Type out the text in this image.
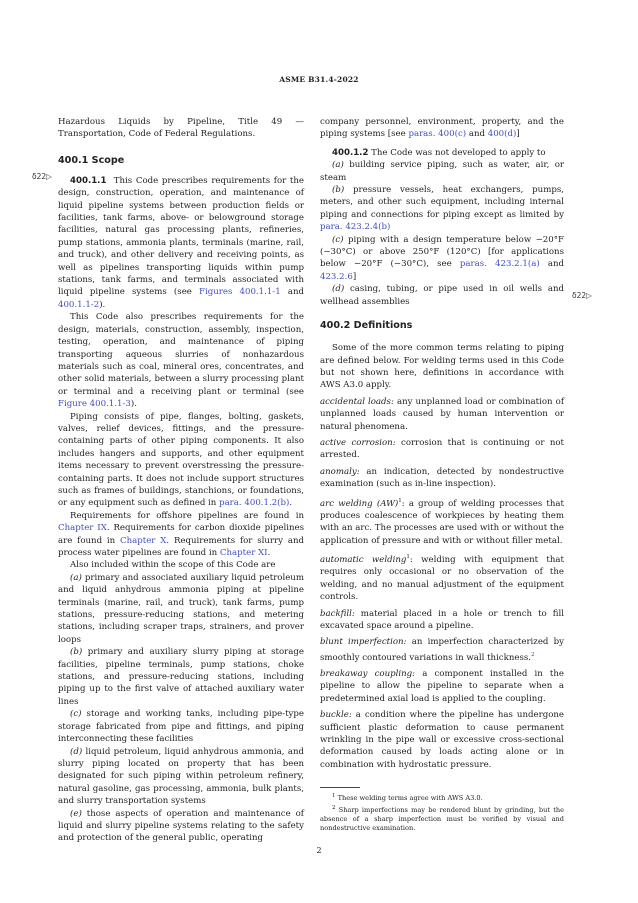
ASME B31.4-2022
δ22▷
δ22▷

Hazardous Liquids by Pipeline, Title 49 — Transportation, Code of Federal Regulations.

400.1 Scope

400.1.1 This Code prescribes requirements for the design, construction, operation, and maintenance of liquid pipeline systems between production fields or facilities, tank farms, above- or belowground storage facilities, natural gas processing plants, refineries, pump stations, ammonia plants, terminals (marine, rail, and truck), and other delivery and receiving points, as well as pipelines transporting liquids within pump stations, tank farms, and terminals associated with liquid pipeline systems (see Figures 400.1.1-1 and 400.1.1-2).

This Code also prescribes requirements for the design, materials, construction, assembly, inspection, testing, operation, and maintenance of piping transporting aqueous slurries of nonhazardous materials such as coal, mineral ores, concentrates, and other solid materials, between a slurry processing plant or terminal and a receiving plant or terminal (see Figure 400.1.1-3).

Piping consists of pipe, flanges, bolting, gaskets, valves, relief devices, fittings, and the pressure-containing parts of other piping components. It also includes hangers and supports, and other equipment items necessary to prevent overstressing the pressure-containing parts. It does not include support structures such as frames of buildings, stanchions, or foundations, or any equipment such as defined in para. 400.1.2(b).

Requirements for offshore pipelines are found in Chapter IX. Requirements for carbon dioxide pipelines are found in Chapter X. Requirements for slurry and process water pipelines are found in Chapter XI.

Also included within the scope of this Code are

(a) primary and associated auxiliary liquid petroleum and liquid anhydrous ammonia piping at pipeline terminals (marine, rail, and truck), tank farms, pump stations, pressure-reducing stations, and metering stations, including scraper traps, strainers, and prover loops

(b) primary and auxiliary slurry piping at storage facilities, pipeline terminals, pump stations, choke stations, and pressure-reducing stations, including piping up to the first valve of attached auxiliary water lines

(c) storage and working tanks, including pipe-type storage fabricated from pipe and fittings, and piping interconnecting these facilities

(d) liquid petroleum, liquid anhydrous ammonia, and slurry piping located on property that has been designated for such piping within petroleum refinery, natural gasoline, gas processing, ammonia, bulk plants, and slurry transportation systems

(e) those aspects of operation and maintenance of liquid and slurry pipeline systems relating to the safety and protection of the general public, operating

company personnel, environment, property, and the piping systems [see paras. 400(c) and 400(d)]

400.1.2 The Code was not developed to apply to

(a) building service piping, such as water, air, or steam

(b) pressure vessels, heat exchangers, pumps, meters, and other such equipment, including internal piping and connections for piping except as limited by para. 423.2.4(b)

(c) piping with a design temperature below −20°F (−30°C) or above 250°F (120°C) [for applications below −20°F (−30°C), see paras. 423.2.1(a) and 423.2.6]

(d) casing, tubing, or pipe used in oil wells and wellhead assemblies

400.2 Definitions

Some of the more common terms relating to piping are defined below. For welding terms used in this Code but not shown here, definitions in accordance with AWS A3.0 apply.

accidental loads: any unplanned load or combination of unplanned loads caused by human intervention or natural phenomena.

active corrosion: corrosion that is continuing or not arrested.

anomaly: an indication, detected by nondestructive examination (such as in-line inspection).

arc welding (AW)$^1$: a group of welding processes that produces coalescence of workpieces by heating them with an arc. The processes are used with or without the application of pressure and with or without filler metal.

automatic welding$^1$: welding with equipment that requires only occasional or no observation of the welding, and no manual adjustment of the equipment controls.

backfill: material placed in a hole or trench to fill excavated space around a pipeline.

blunt imperfection: an imperfection characterized by smoothly contoured variations in wall thickness.$^2$

breakaway coupling: a component installed in the pipeline to allow the pipeline to separate when a predetermined axial load is applied to the coupling.

buckle: a condition where the pipeline has undergone sufficient plastic deformation to cause permanent wrinkling in the pipe wall or excessive cross-sectional deformation caused by loads acting alone or in combination with hydrostatic pressure.

$^1$ These welding terms agree with AWS A3.0.

$^2$ Sharp imperfections may be rendered blunt by grinding, but the absence of a sharp imperfection must be verified by visual and nondestructive examination.

2
